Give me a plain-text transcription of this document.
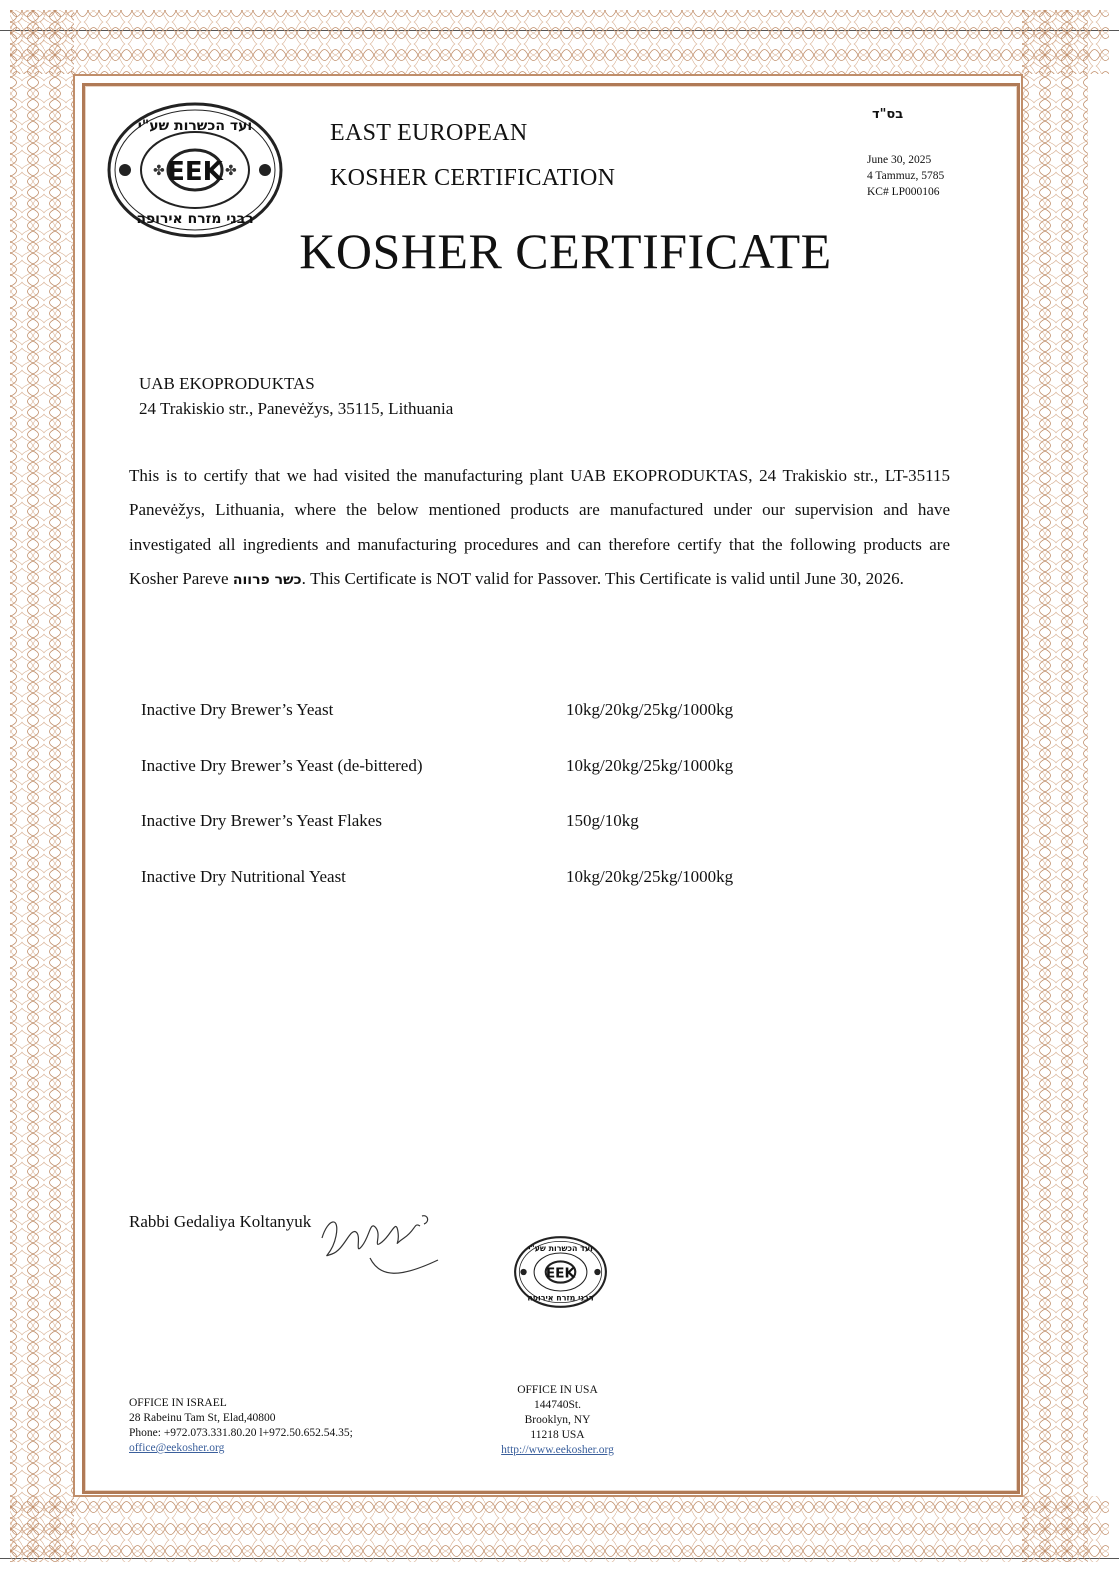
EEK
ועד הכשרות שע"י
רבני מזרח אירופה
✤	✤
EAST EUROPEAN
KOSHER CERTIFICATION
בס"ד
June 30, 2025
4 Tammuz, 5785
KC# LP000106
KOSHER CERTIFICATE
UAB EKOPRODUKTAS
24 Trakiskio str., Panevėžys, 35115, Lithuania
This is to certify that we had visited the manufacturing plant UAB EKOPRODUKTAS, 24 Trakiskio str., LT-35115 Panevėžys, Lithuania, where the below mentioned products are manufactured under our supervision and have investigated all ingredients and manufacturing procedures and can therefore certify that the following products are Kosher Pareve כשר פרווה. This Certificate is NOT valid for Passover. This Certificate is valid until June 30, 2026.
Inactive Dry Brewer’s Yeast	10kg/20kg/25kg/1000kg
Inactive Dry Brewer’s Yeast (de-bittered)	10kg/20kg/25kg/1000kg
Inactive Dry Brewer’s Yeast Flakes	150g/10kg
Inactive Dry Nutritional Yeast	10kg/20kg/25kg/1000kg
Rabbi Gedaliya Koltanyuk
EEK
ועד הכשרות שע"י
רבני מזרח אירופה
OFFICE IN ISRAEL
28 Rabeinu Tam St, Elad,40800
Phone: +972.073.331.80.20 l+972.50.652.54.35;
office@eekosher.org
OFFICE IN USA
144740St.
Brooklyn, NY
11218 USA
http://www.eekosher.org
